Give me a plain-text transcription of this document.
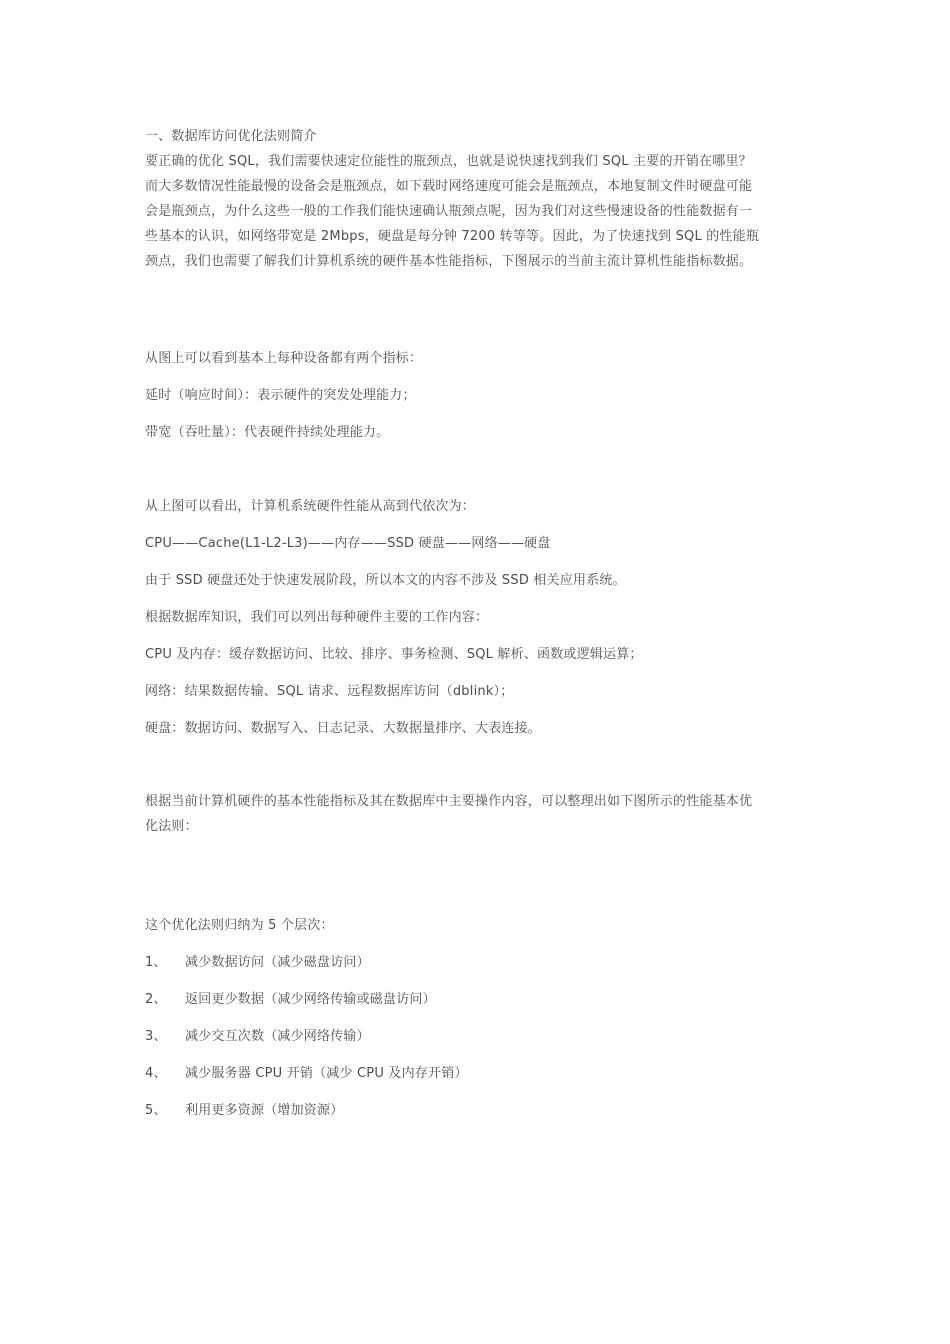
一、数据库访问优化法则简介
要正确的优化 SQL，我们需要快速定位能性的瓶颈点，也就是说快速找到我们 SQL 主要的开销在哪里？
而大多数情况性能最慢的设备会是瓶颈点，如下载时网络速度可能会是瓶颈点，本地复制文件时硬盘可能
会是瓶颈点，为什么这些一般的工作我们能快速确认瓶颈点呢，因为我们对这些慢速设备的性能数据有一
些基本的认识，如网络带宽是 2Mbps，硬盘是每分钟 7200 转等等。因此，为了快速找到 SQL 的性能瓶
颈点，我们也需要了解我们计算机系统的硬件基本性能指标，下图展示的当前主流计算机性能指标数据。
从图上可以看到基本上每种设备都有两个指标：
延时（响应时间）：表示硬件的突发处理能力；
带宽（吞吐量）：代表硬件持续处理能力。
从上图可以看出，计算机系统硬件性能从高到代依次为：
CPU——Cache(L1-L2-L3)——内存——SSD 硬盘——网络——硬盘
由于 SSD 硬盘还处于快速发展阶段，所以本文的内容不涉及 SSD 相关应用系统。
根据数据库知识，我们可以列出每种硬件主要的工作内容：
CPU 及内存：缓存数据访问、比较、排序、事务检测、SQL 解析、函数或逻辑运算；
网络：结果数据传输、SQL 请求、远程数据库访问（dblink）；
硬盘：数据访问、数据写入、日志记录、大数据量排序、大表连接。
根据当前计算机硬件的基本性能指标及其在数据库中主要操作内容，可以整理出如下图所示的性能基本优
化法则：
这个优化法则归纳为 5 个层次：
1、 减少数据访问（减少磁盘访问）
2、 返回更少数据（减少网络传输或磁盘访问）
3、 减少交互次数（减少网络传输）
4、 减少服务器 CPU 开销（减少 CPU 及内存开销）
5、 利用更多资源（增加资源）
